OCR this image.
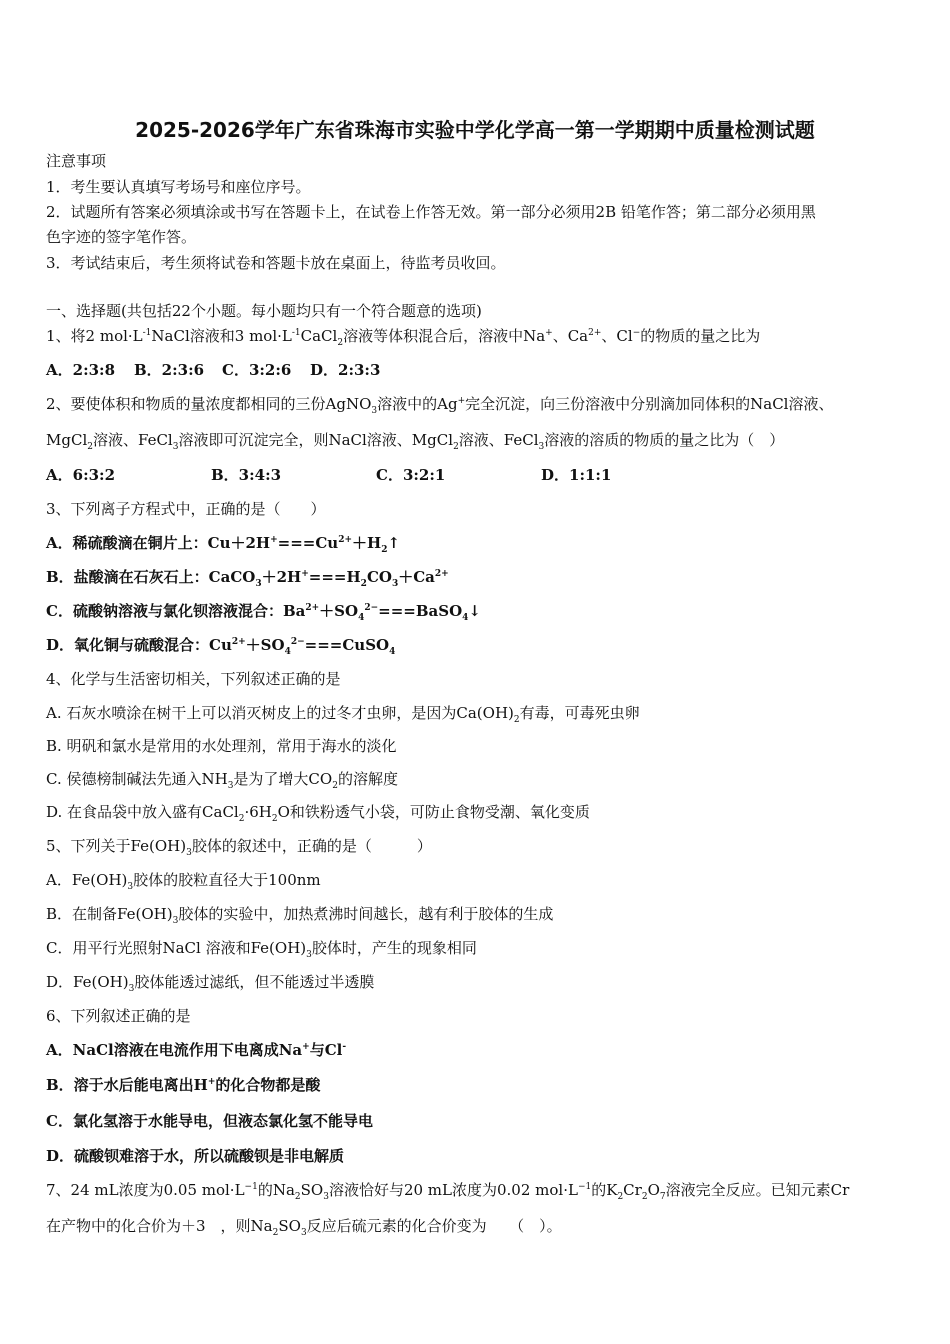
2025-2026学年广东省珠海市实验中学化学高一第一学期期中质量检测试题
注意事项
1．考生要认真填写考场号和座位序号。
2．试题所有答案必须填涂或书写在答题卡上，在试卷上作答无效。第一部分必须用2B 铅笔作答；第二部分必须用黑
色字迹的签字笔作答。
3．考试结束后，考生须将试卷和答题卡放在桌面上，待监考员收回。
一、选择题(共包括22个小题。每小题均只有一个符合题意的选项)
1、将2 $mol\cdot L^{-1}NaCl$溶液和3 $mol\cdot L^{-1}CaCl_2$溶液等体积混合后，溶液中Na+、$Ca^{2+}$、Cl−的物质的量之比为
A．2:3:8 B．2:3:6 C．3:2:6 D．2:3:3
2、要使体积和物质的量浓度都相同的三份AgNO$_3$溶液中的Ag+完全沉淀，向三份溶液中分别滴加同体积的NaCl溶液、
MgCl$_2$溶液、FeCl$_3$溶液即可沉淀完全，则NaCl溶液、MgCl$_2$溶液、FeCl$_3$溶液的溶质的物质的量之比为（　）
A．6:3:2	B．3:4:3	C．3:2:1	D．1:1:1
3、下列离子方程式中，正确的是（　　）
A．稀硫酸滴在铜片上：$Cu+2H^+===Cu^{2+}+H_2↑$
B．盐酸滴在石灰石上：$CaCO_3+2H^+===H_2CO_3+Ca^{2+}$
C．硫酸钠溶液与氯化钡溶液混合：$Ba^{2+}+SO_4^{2-}===BaSO_4↓$
D．氧化铜与硫酸混合：$Cu^{2+}+SO_4^{2-}===CuSO_4$
4、化学与生活密切相关，下列叙述正确的是
A. 石灰水喷涂在树干上可以消灭树皮上的过冬才虫卵，是因为$Ca(OH)_2$有毒，可毒死虫卵
B. 明矾和氯水是常用的水处理剂，常用于海水的淡化
C. 侯德榜制碱法先通入$NH_3$是为了增大$CO_2$的溶解度
D. 在食品袋中放入盛有$CaCl_2\cdot 6H_2O$和铁粉透气小袋，可防止食物受潮、氧化变质
5、下列关于$Fe(OH)_3$胶体的叙述中，正确的是（　　　）
A．$Fe(OH)_3$胶体的胶粒直径大于100nm
B．在制备$Fe(OH)_3$胶体的实验中，加热煮沸时间越长，越有利于胶体的生成
C．用平行光照射NaCl 溶液和$Fe(OH)_3$胶体时，产生的现象相同
D．$Fe(OH)_3$胶体能透过滤纸，但不能透过半透膜
6、下列叙述正确的是
A．NaCl溶液在电流作用下电离成Na+与Cl-
B．溶于水后能电离出H+的化合物都是酸
C．氯化氢溶于水能导电，但液态氯化氢不能导电
D．硫酸钡难溶于水，所以硫酸钡是非电解质
7、24 mL浓度为0.05 $mol\cdot L^{-1}$的$Na_2SO_3$溶液恰好与20 mL浓度为0.02 $mol\cdot L^{-1}$的$K_2Cr_2O_7$溶液完全反应。已知元素Cr
在产物中的化合价为＋3　，则$Na_2SO_3$反应后硫元素的化合价变为　　（　）。
